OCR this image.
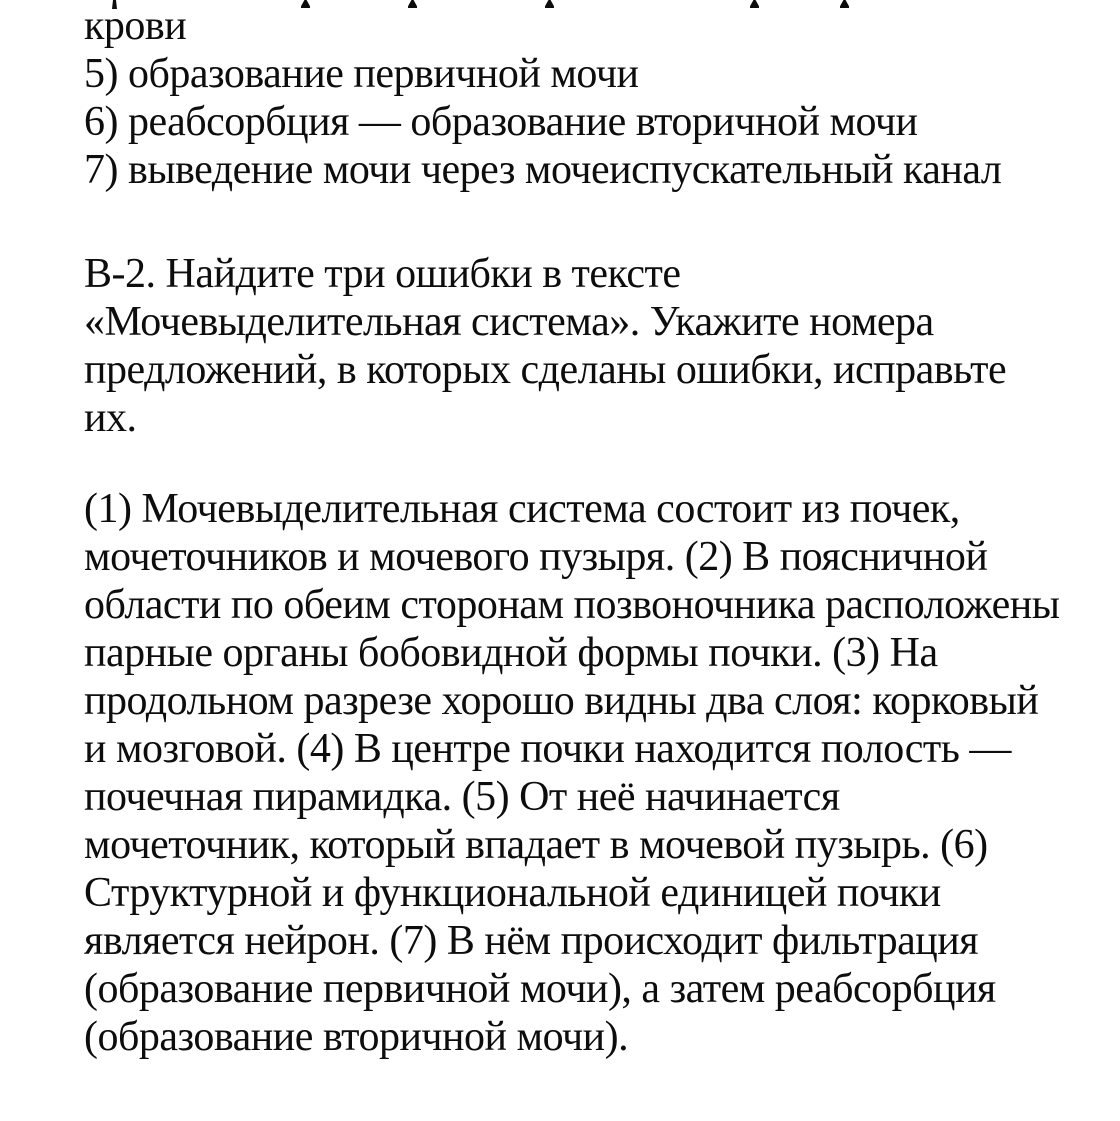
крови
5) образование первичной мочи
6) реабсорбция — образование вторичной мочи
7) выведение мочи через мочеиспускательный канал
В-2. Найдите три ошибки в тексте
«Мочевыделительная система». Укажите номера
предложений, в которых сделаны ошибки, исправьте
их.
(1) Мочевыделительная система состоит из почек,
мочеточников и мочевого пузыря. (2) В поясничной
области по обеим сторонам позвоночника расположены
парные органы бобовидной формы почки. (3) На
продольном разрезе хорошо видны два слоя: корковый
и мозговой. (4) В центре почки находится полость —
почечная пирамидка. (5) От неё начинается
мочеточник, который впадает в мочевой пузырь. (6)
Структурной и функциональной единицей почки
является нейрон. (7) В нём происходит фильтрация
(образование первичной мочи), а затем реабсорбция
(образование вторичной мочи).
